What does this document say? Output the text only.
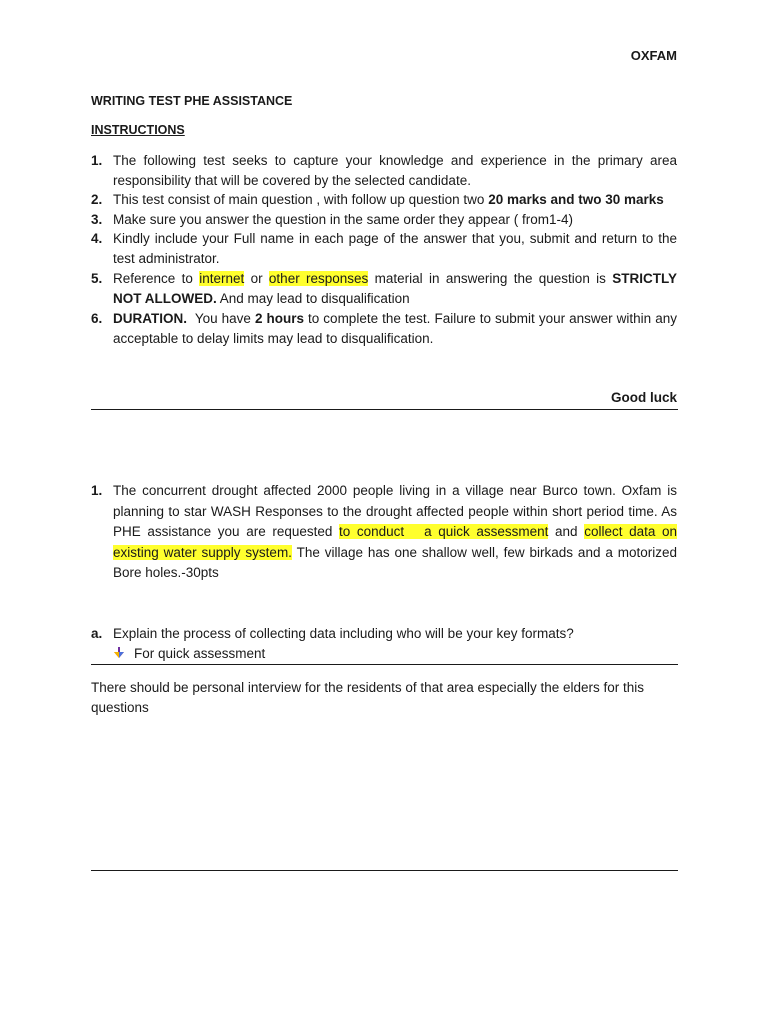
OXFAM
WRITING TEST PHE ASSISTANCE
INSTRUCTIONS
1. The following test seeks to capture your knowledge and experience in the primary area responsibility that will be covered by the selected candidate.
2. This test consist of main question , with follow up question two 20 marks and two 30 marks
3. Make sure you answer the question in the same order they appear ( from1-4)
4. Kindly include your Full name in each page of the answer that you, submit and return to the test administrator.
5. Reference to internet or other responses material in answering the question is STRICTLY NOT ALLOWED. And may lead to disqualification
6. DURATION.  You have 2 hours to complete the test. Failure to submit your answer within any acceptable to delay limits may lead to disqualification.
Good luck
1. The concurrent drought affected 2000 people living in a village near Burco town. Oxfam is planning to star WASH Responses to the drought affected people within short period time. As PHE assistance you are requested to conduct   a quick assessment and collect data on existing water supply system. The village has one shallow well, few birkads and a motorized Bore holes.-30pts
a. Explain the process of collecting data including who will be your key formats?
For quick assessment
There should be personal interview for the residents of that area especially the elders for this questions
